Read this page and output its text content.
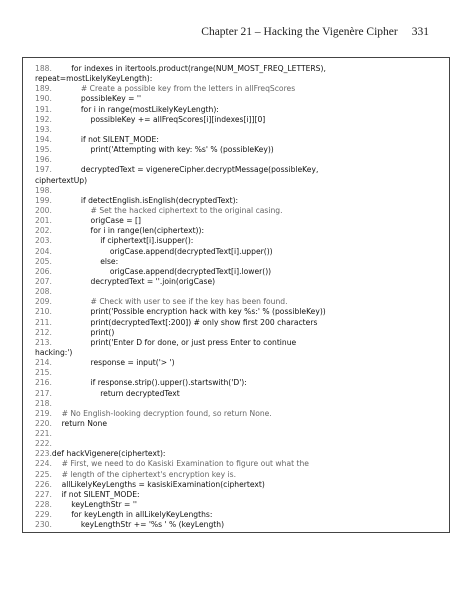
Chapter 21 – Hacking the Vigenère Cipher 331
188.        for indexes in itertools.product(range(NUM_MOST_FREQ_LETTERS),
repeat=mostLikelyKeyLength):
189.            # Create a possible key from the letters in allFreqScores
190.            possibleKey = ''
191.            for i in range(mostLikelyKeyLength):
192.                possibleKey += allFreqScores[i][indexes[i]][0]
193.
194.            if not SILENT_MODE:
195.                print('Attempting with key: %s' % (possibleKey))
196.
197.            decryptedText = vigenereCipher.decryptMessage(possibleKey,
ciphertextUp)
198.
199.            if detectEnglish.isEnglish(decryptedText):
200.                # Set the hacked ciphertext to the original casing.
201.                origCase = []
202.                for i in range(len(ciphertext)):
203.                    if ciphertext[i].isupper():
204.                        origCase.append(decryptedText[i].upper())
205.                    else:
206.                        origCase.append(decryptedText[i].lower())
207.                decryptedText = ''.join(origCase)
208.
209.                # Check with user to see if the key has been found.
210.                print('Possible encryption hack with key %s:' % (possibleKey))
211.                print(decryptedText[:200]) # only show first 200 characters
212.                print()
213.                print('Enter D for done, or just press Enter to continue
hacking:')
214.                response = input('> ')
215.
216.                if response.strip().upper().startswith('D'):
217.                    return decryptedText
218.
219.    # No English-looking decryption found, so return None.
220.    return None
221.
222.
223.def hackVigenere(ciphertext):
224.    # First, we need to do Kasiski Examination to figure out what the
225.    # length of the ciphertext's encryption key is.
226.    allLikelyKeyLengths = kasiskiExamination(ciphertext)
227.    if not SILENT_MODE:
228.        keyLengthStr = ''
229.        for keyLength in allLikelyKeyLengths:
230.            keyLengthStr += '%s ' % (keyLength)
